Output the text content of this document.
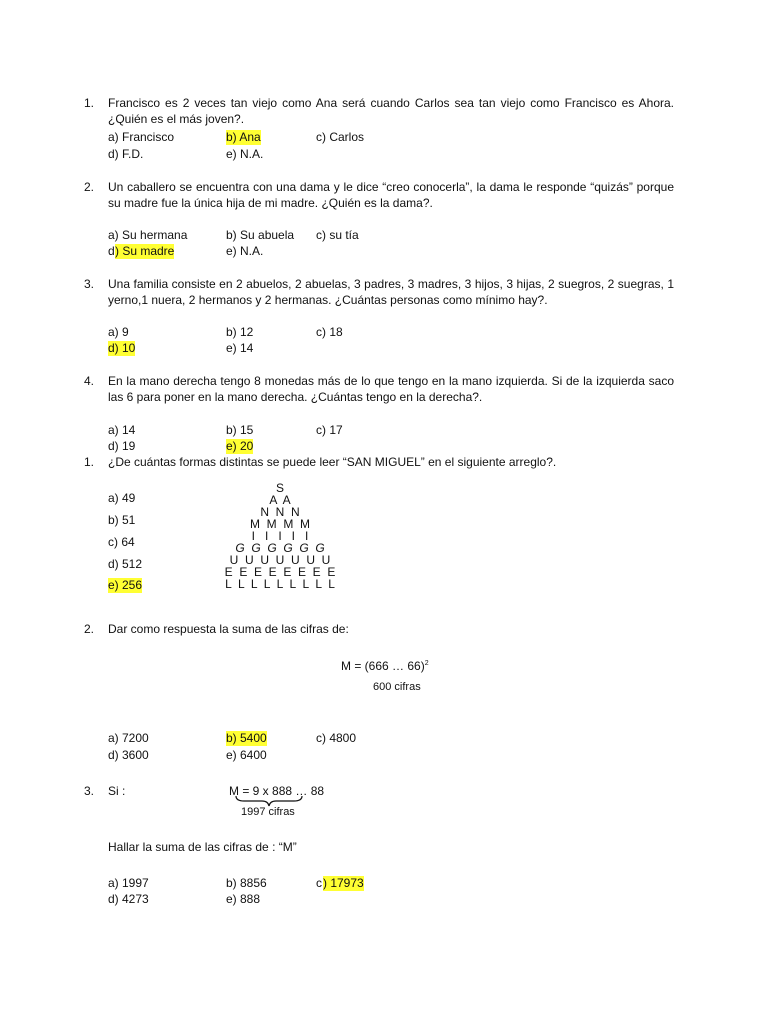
1. Francisco es 2 veces tan viejo como Ana será cuando Carlos sea tan viejo como Francisco es Ahora. ¿Quién es el más joven?.
a) Francisco	b) Ana	c) Carlos
d) F.D.	e) N.A.
2. Un caballero se encuentra con una dama y le dice “creo conocerla”, la dama le responde “quizás” porque su madre fue la única hija de mi madre. ¿Quién es la dama?.
a) Su hermana	b) Su abuela c) su tía
d ) Su madre	e) N.A.
3. Una familia consiste en 2 abuelos, 2 abuelas, 3 padres, 3 madres, 3 hijos, 3 hijas, 2 suegros, 2 suegras, 1 yerno,1 nuera, 2 hermanos y 2 hermanas. ¿Cuántas personas como mínimo hay?.
a) 9	b) 12	c) 18
d) 10	e) 14
4. En la mano derecha tengo 8 monedas más de lo que tengo en la mano izquierda. Si de la izquierda saco las 6 para poner en la mano derecha. ¿Cuántas tengo en la derecha?.
a) 14	b) 15	c) 17
d) 19	e) 20
1. ¿De cuántas formas distintas se puede leer “SAN MIGUEL” en el siguiente arreglo?.
a) 49
b) 51
c) 64
d) 512
e) 256
S
A  A
N  N  N
M  M  M  M
I   I   I   I   I
G  G  G  G  G  G
U  U  U  U  U  U  U
E  E  E  E  E  E  E  E
L  L  L  L  L  L  L  L  L
2. Dar como respuesta la suma de las cifras de:
M = (666 … 66)$^2$
600 cifras
a) 7200	b) 5400	c) 4800
d) 3600	e) 6400
3. Si :	M = 9 x 888 … 88
1997 cifras
Hallar la suma de las cifras de : “M”
a) 1997	b) 8856	c ) 17973
d) 4273	e) 888
